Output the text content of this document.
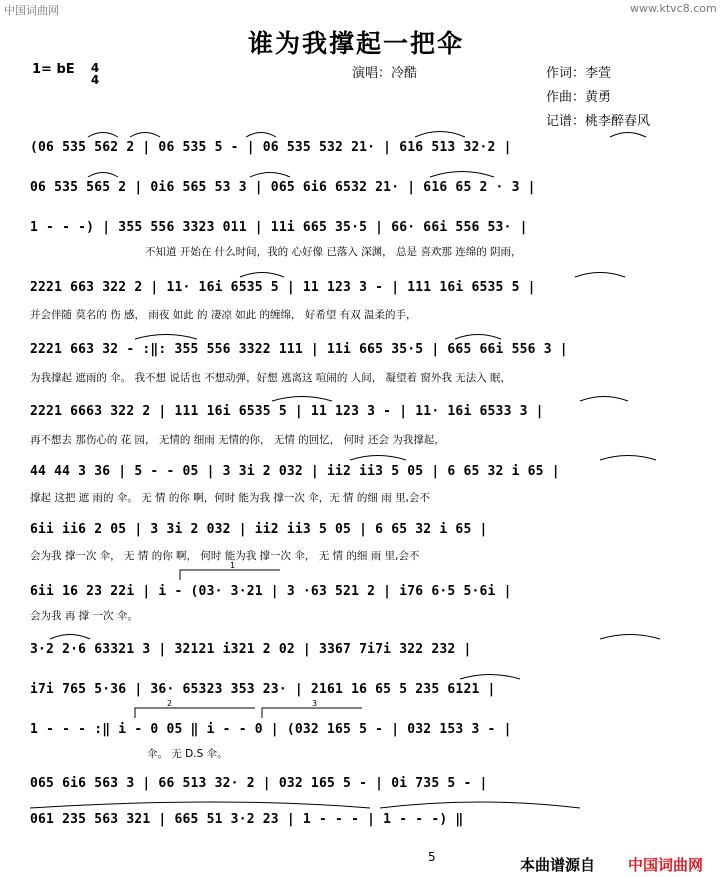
中国词曲网	www.ktvc8.com
谁为我撑起一把伞
1= bE 4
4	演唱：冷酷	作词：李萱
作曲：黄勇
记谱：桃李醉春风
(06 535 562 2 | 06 535 5 - | 06 535 532 21· | 616 513 32·2 |
06 535 565 2 | 0i6 565 53 3 | 065 6i6 6532 21· | 616 65 2 · 3 |
1 - - -) | 355 556 3323 011 | 11i 665 35·5 | 66· 66i 556 53· |
不知道 开始在 什么时间，我的 心好像 已落入 深渊， 总是 喜欢那 连绵的 阴雨，
2221 663 322 2 | 11· 16i 6535 5 | 11 123 3 - | 111 16i 6535 5 |
并会伴随 莫名的 伤 感， 雨夜 如此 的 凄凉 如此 的缠绵， 好希望 有双 温柔的手，
2221 663 32 - :‖: 355 556 3322 111 | 11i 665 35·5 | 665 66i 556 3 |
为我撑起 遮雨的 伞。 我不想 说话也 不想动弹，好想 逃离这 喧闹的 人间， 凝望着 窗外我 无法入 眠，
2221 6663 322 2 | 111 16i 6535 5 | 11 123 3 - | 11· 16i 6533 3 |
再不想去 那伤心的 花 园， 无情的 细雨 无情的你， 无情 的回忆， 何时 还会 为我撑起，
44 44 3 36 | 5 - - 05 | 3 3i 2 032 | ii2 ii3 5 05 | 6 65 32 i 65 |
撑起 这把 遮 雨的 伞。 无 情 的你 啊，何时 能为我 撑一次 伞，无 情 的细 雨 里,会不
6ii ii6 2 05 | 3 3i 2 032 | ii2 ii3 5 05 | 6 65 32 i 65 |
会为我 撑一次 伞， 无 情 的你 啊， 何时 能为我 撑一次 伞， 无 情 的细 雨 里,会不
6ii 16 23 22i | i - (03· 3·21 | 3 ·63 521 2 | i76 6·5 5·6i |
会为我 再 撑 一次 伞。
3·2 2·6 63321 3 | 32121 i321 2 02 | 3367 7i7i 322 232 |
i7i 765 5·36 | 36· 65323 353 23· | 2161 16 65 5 235 6121 |
1 - - - :‖ i - 0 05 ‖ i - - 0 | (032 165 5 - | 032 153 3 - |
伞。 无 D.S 伞。
065 6i6 563 3 | 66 513 32· 2 | 032 165 5 - | 0i 735 5 - |
061 235 563 321 | 665 51 3·2 23 | 1 - - - | 1 - - -) ‖
1
2	3
5	本曲谱源自 中国词曲网
